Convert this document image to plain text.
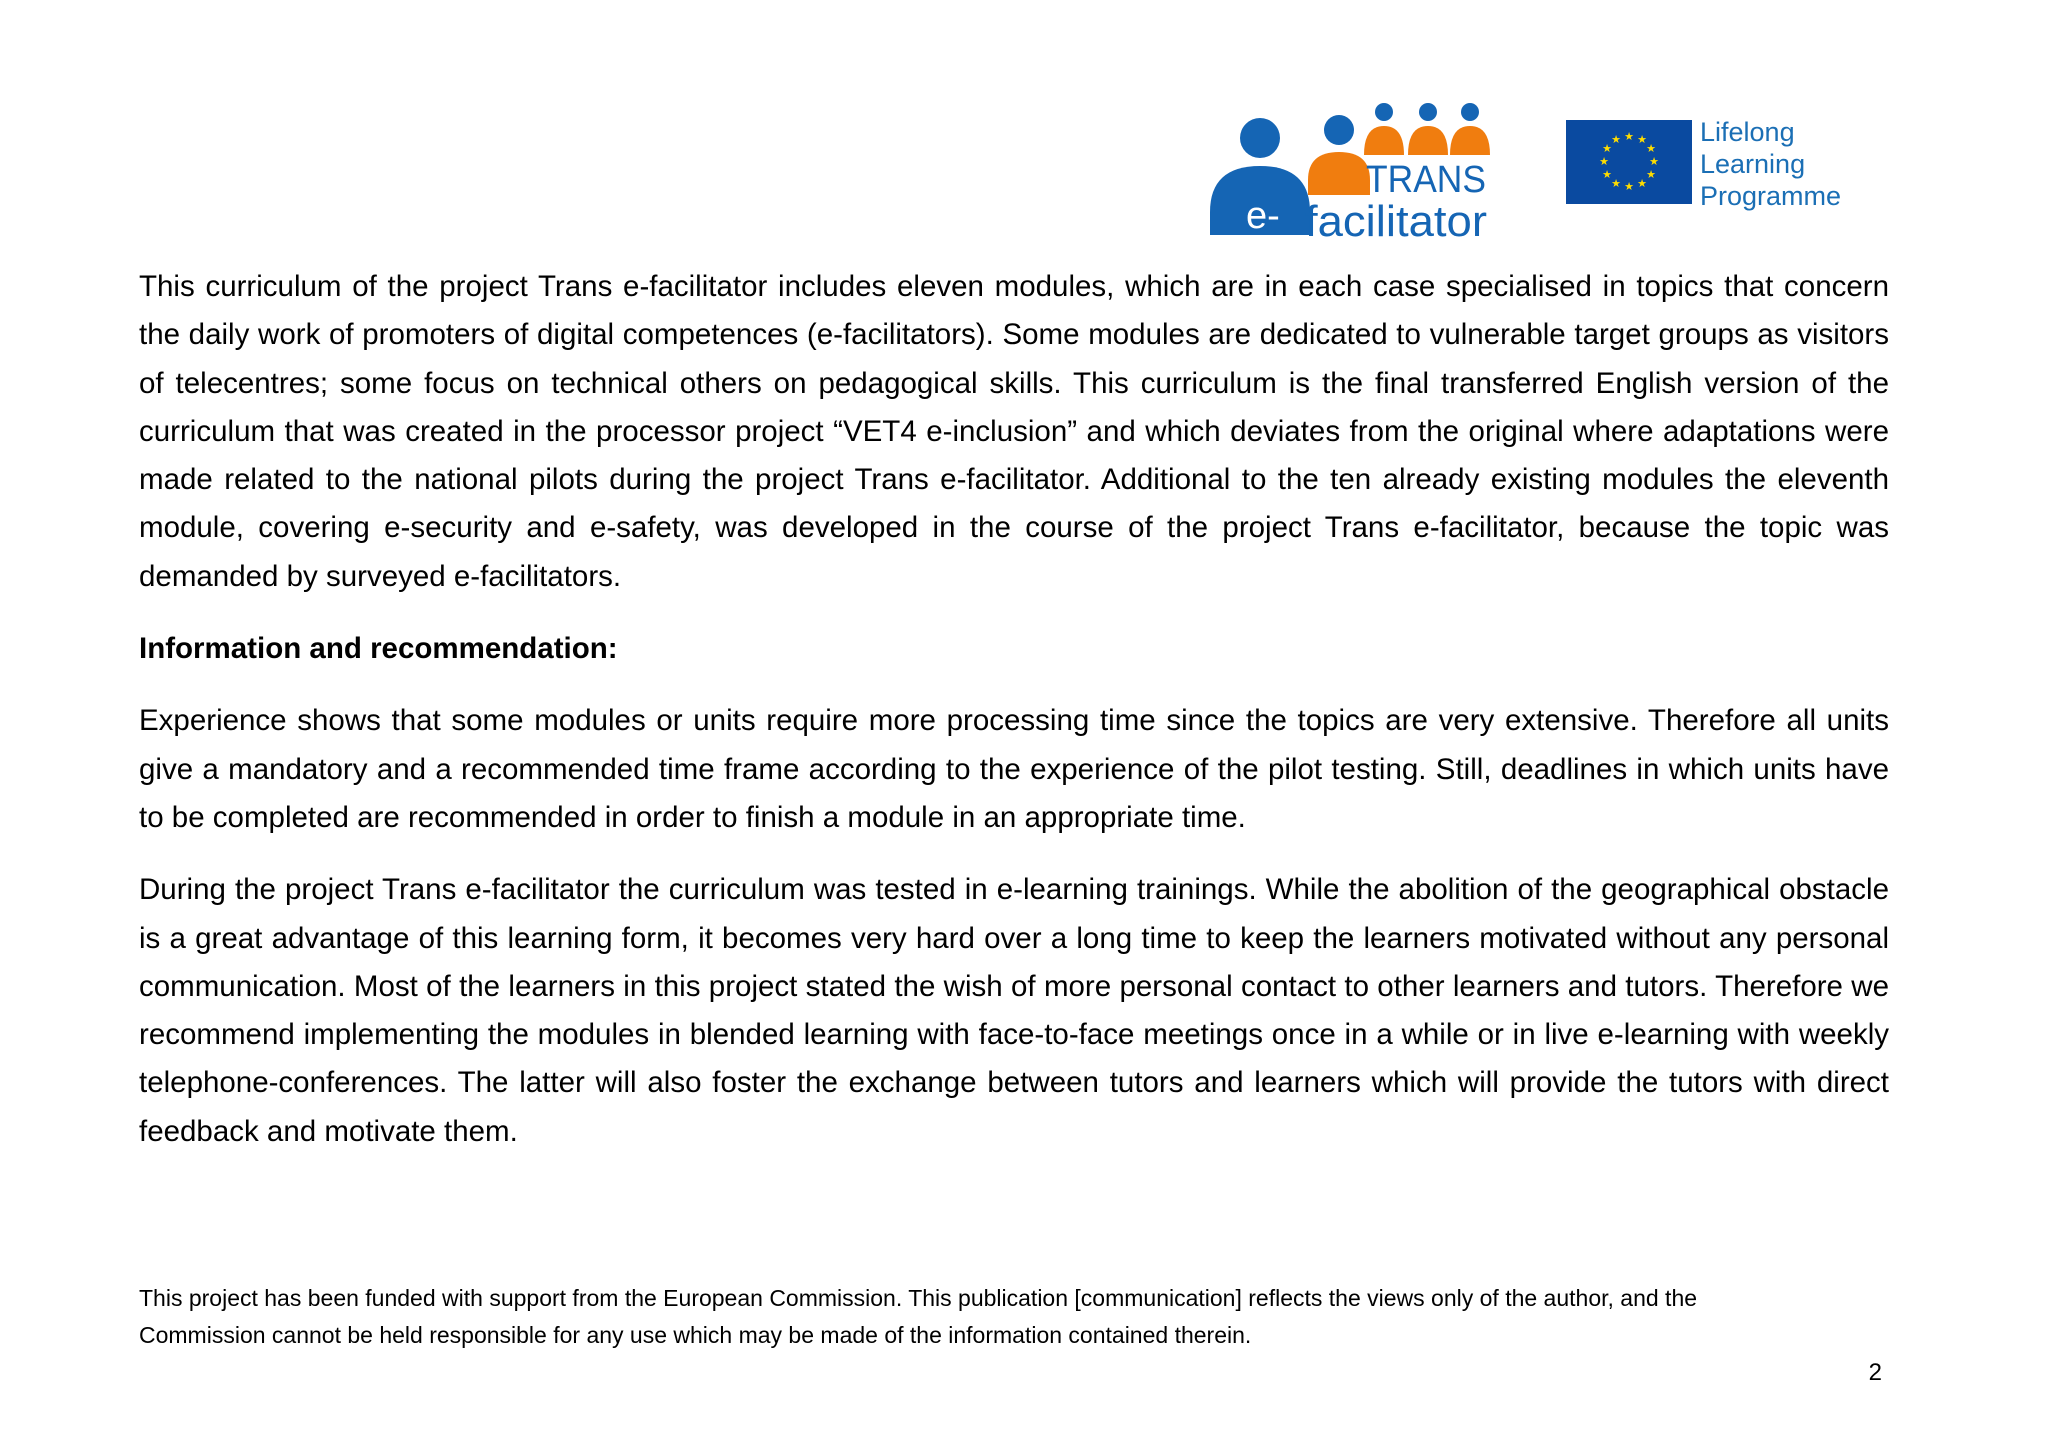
TRANS
e- facilitator
★ ★
★
★
★
★
★
★
★
★
★
★	Lifelong
Learning
Programme

This curriculum of the project Trans e-facilitator includes eleven modules, which are in each case specialised in topics that concern the daily work of promoters of digital competences (e-facilitators). Some modules are dedicated to vulnerable target groups as visitors of telecentres; some focus on technical others on pedagogical skills. This curriculum is the final transferred English version of the curriculum that was created in the processor project “VET4 e-inclusion” and which deviates from the original where adaptations were made related to the national pilots during the project Trans e-facilitator. Additional to the ten already existing modules the eleventh module, covering e-security and e-safety, was developed in the course of the project Trans e-facilitator, because the topic was demanded by surveyed e-facilitators.

Information and recommendation:

Experience shows that some modules or units require more processing time since the topics are very extensive. Therefore all units give a mandatory and a recommended time frame according to the experience of the pilot testing. Still, deadlines in which units have to be completed are recommended in order to finish a module in an appropriate time.

During the project Trans e-facilitator the curriculum was tested in e-learning trainings. While the abolition of the geographical obstacle is a great advantage of this learning form, it becomes very hard over a long time to keep the learners motivated without any personal communication. Most of the learners in this project stated the wish of more personal contact to other learners and tutors. Therefore we recommend implementing the modules in blended learning with face-to-face meetings once in a while or in live e-learning with weekly telephone-conferences. The latter will also foster the exchange between tutors and learners which will provide the tutors with direct feedback and motivate them.

This project has been funded with support from the European Commission. This publication [communication] reflects the views only of the author, and the
Commission cannot be held responsible for any use which may be made of the information contained therein.
2
